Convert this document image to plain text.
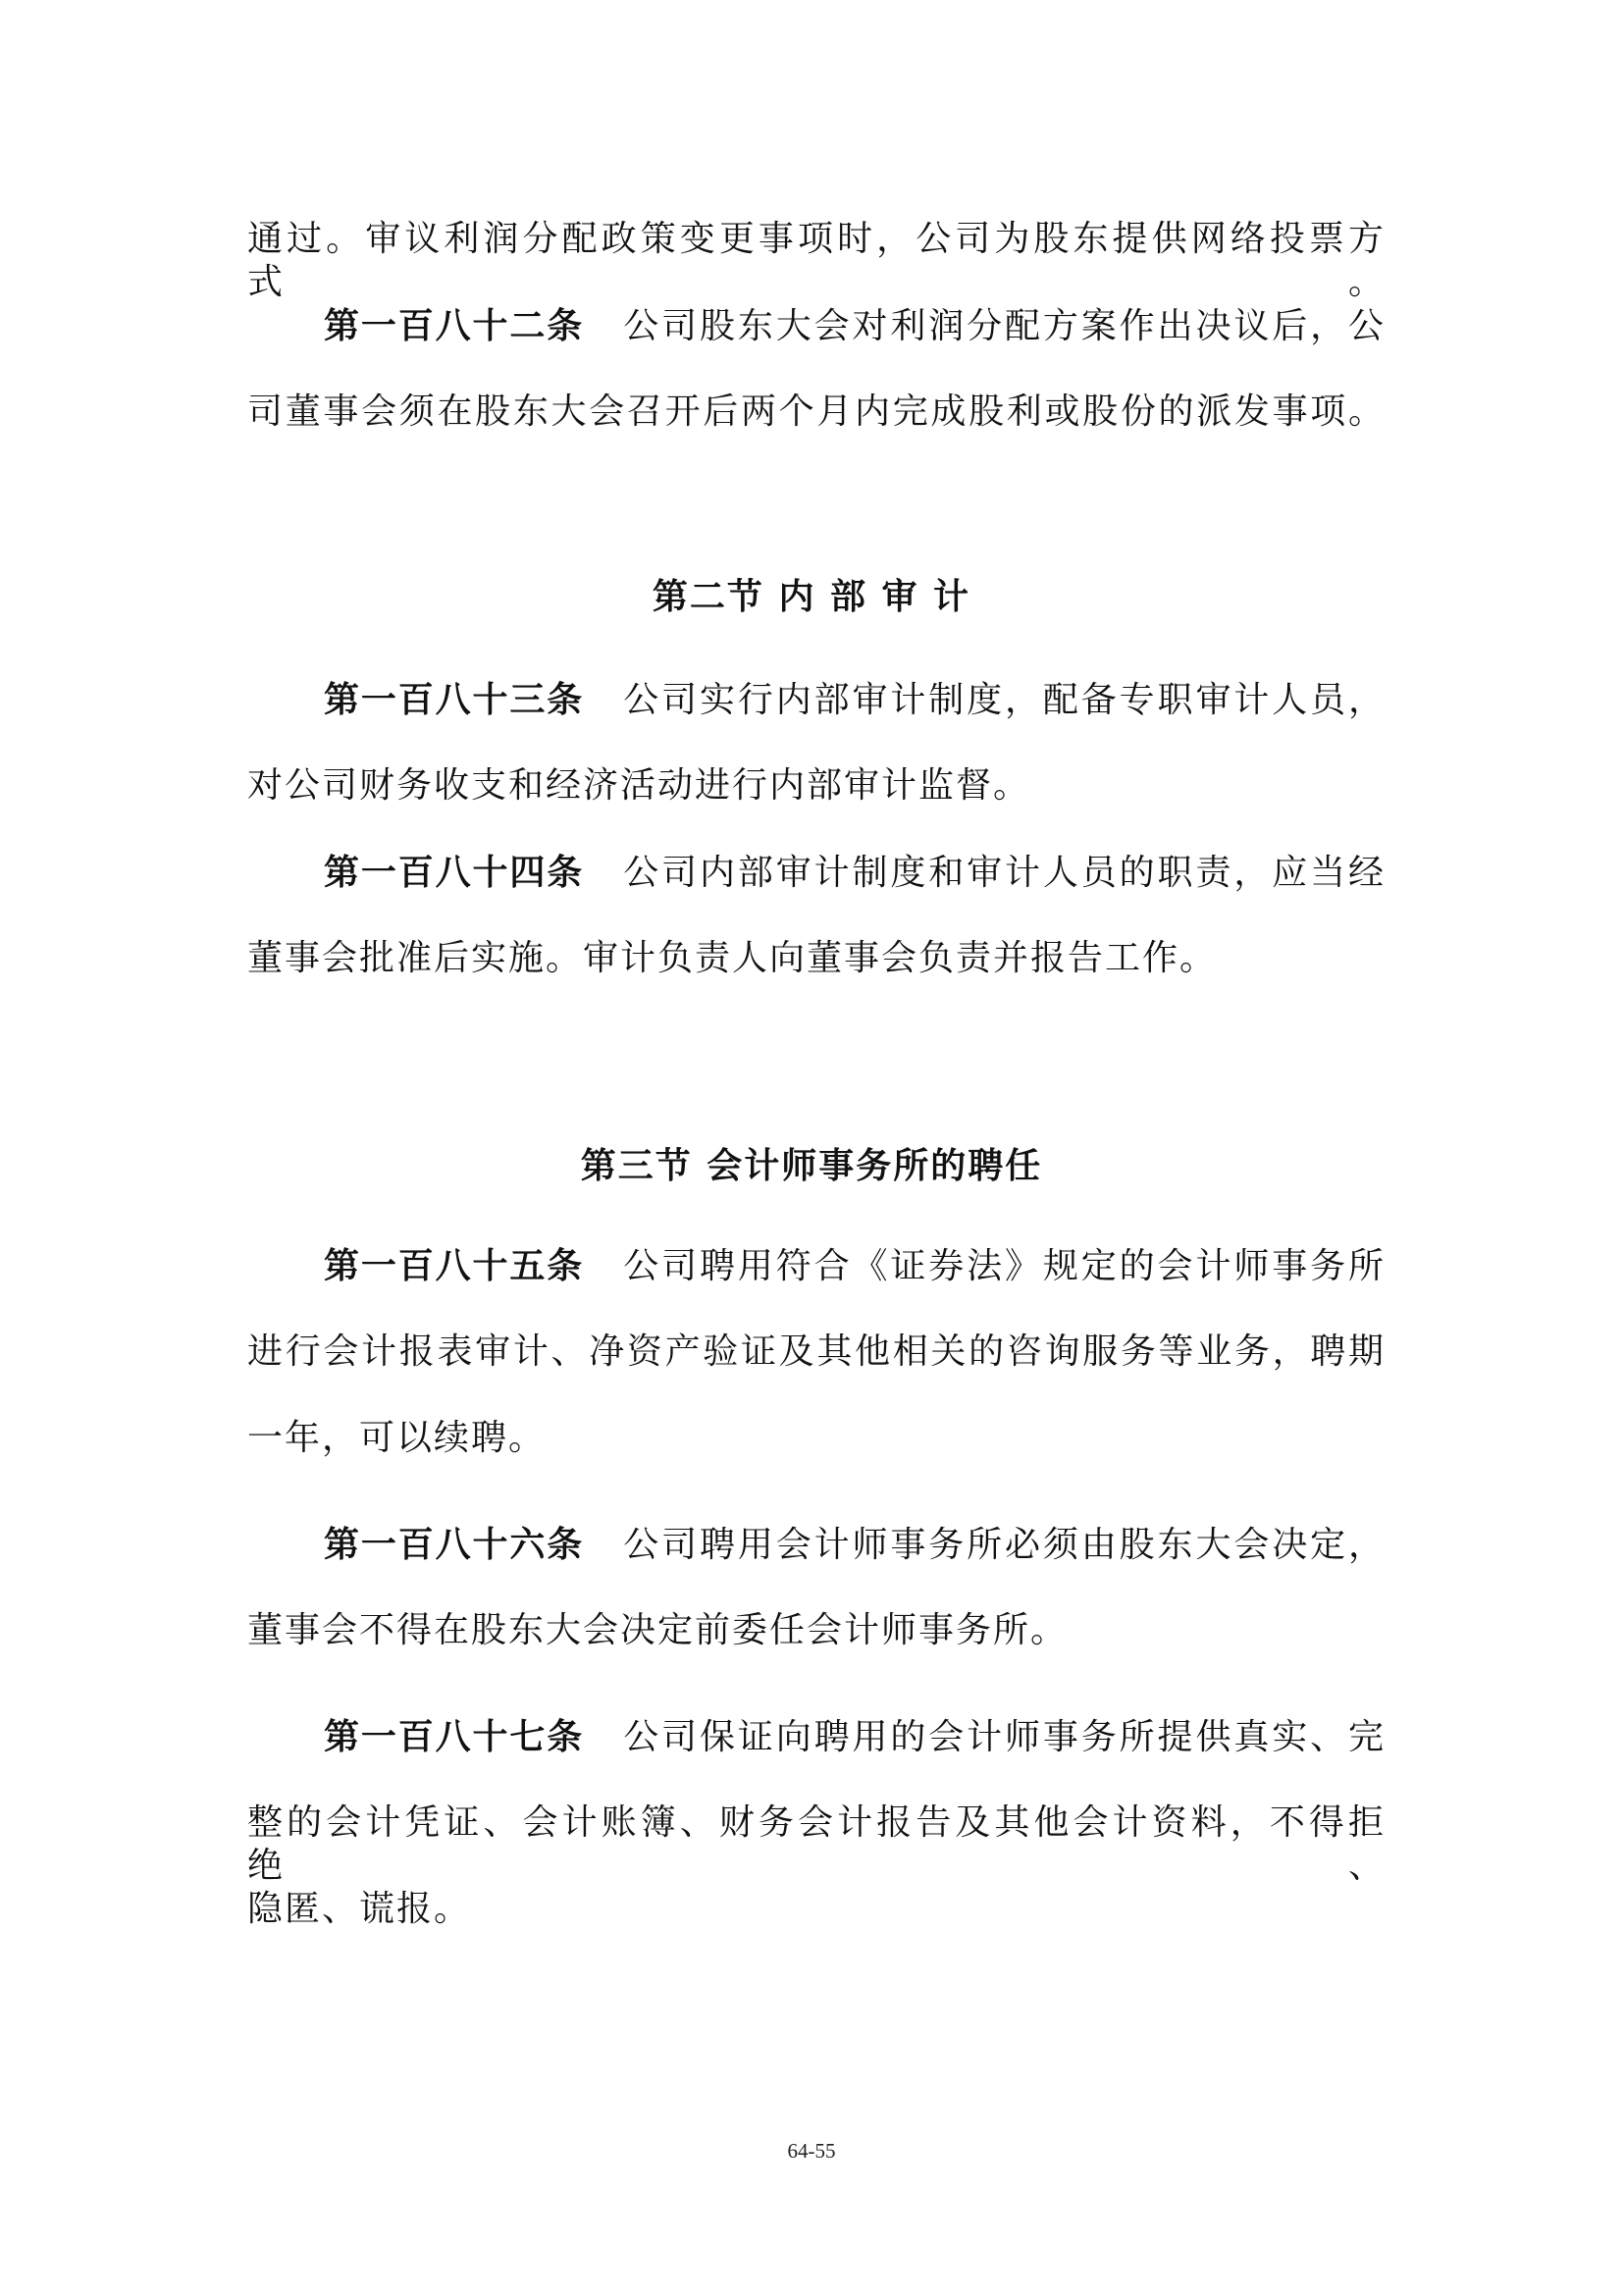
通过。审议利润分配政策变更事项时，公司为股东提供网络投票方式。
第一百八十二条 公司股东大会对利润分配方案作出决议后，公
司董事会须在股东大会召开后两个月内完成股利或股份的派发事项。
第二节 内 部 审 计
第一百八十三条 公司实行内部审计制度，配备专职审计人员，
对公司财务收支和经济活动进行内部审计监督。
第一百八十四条 公司内部审计制度和审计人员的职责，应当经
董事会批准后实施。审计负责人向董事会负责并报告工作。
第三节 会计师事务所的聘任
第一百八十五条 公司聘用符合《证券法》规定的会计师事务所
进行会计报表审计、净资产验证及其他相关的咨询服务等业务，聘期
一年，可以续聘。
第一百八十六条 公司聘用会计师事务所必须由股东大会决定，
董事会不得在股东大会决定前委任会计师事务所。
第一百八十七条 公司保证向聘用的会计师事务所提供真实、完
整的会计凭证、会计账簿、财务会计报告及其他会计资料，不得拒绝、
隐匿、谎报。
64-55
